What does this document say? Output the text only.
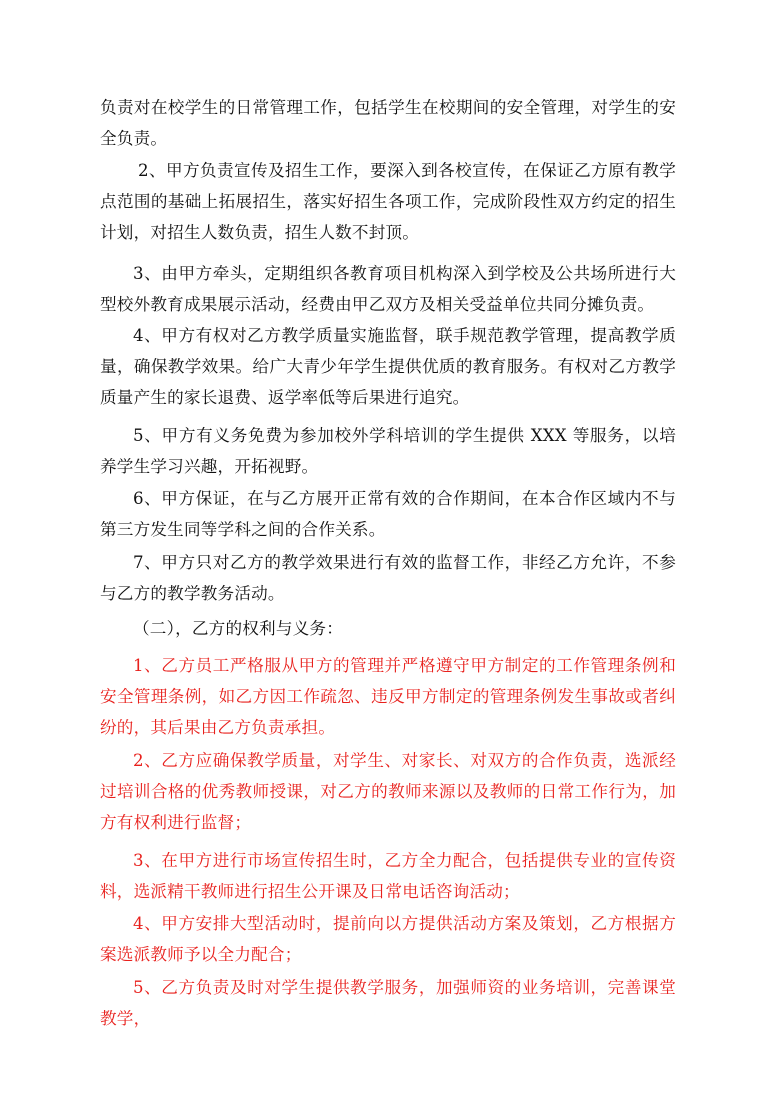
负责对在校学生的日常管理工作，包括学生在校期间的安全管理，对学生的安全负责。

2、甲方负责宣传及招生工作，要深入到各校宣传，在保证乙方原有教学点范围的基础上拓展招生，落实好招生各项工作，完成阶段性双方约定的招生计划，对招生人数负责，招生人数不封顶。

3、由甲方牵头，定期组织各教育项目机构深入到学校及公共场所进行大型校外教育成果展示活动，经费由甲乙双方及相关受益单位共同分摊负责。

4、甲方有权对乙方教学质量实施监督，联手规范教学管理，提高教学质量，确保教学效果。给广大青少年学生提供优质的教育服务。有权对乙方教学质量产生的家长退费、返学率低等后果进行追究。

5、甲方有义务免费为参加校外学科培训的学生提供 XXX 等服务，以培养学生学习兴趣，开拓视野。

6、甲方保证，在与乙方展开正常有效的合作期间，在本合作区域内不与第三方发生同等学科之间的合作关系。

7、甲方只对乙方的教学效果进行有效的监督工作，非经乙方允许，不参与乙方的教学教务活动。

（二），乙方的权利与义务：

1、乙方员工严格服从甲方的管理并严格遵守甲方制定的工作管理条例和安全管理条例，如乙方因工作疏忽、违反甲方制定的管理条例发生事故或者纠纷的，其后果由乙方负责承担。

2、乙方应确保教学质量，对学生、对家长、对双方的合作负责，选派经过培训合格的优秀教师授课，对乙方的教师来源以及教师的日常工作行为，加方有权利进行监督；

3、在甲方进行市场宣传招生时，乙方全力配合，包括提供专业的宣传资料，选派精干教师进行招生公开课及日常电话咨询活动；

4、甲方安排大型活动时，提前向以方提供活动方案及策划，乙方根据方案选派教师予以全力配合；

5、乙方负责及时对学生提供教学服务，加强师资的业务培训，完善课堂教学，
